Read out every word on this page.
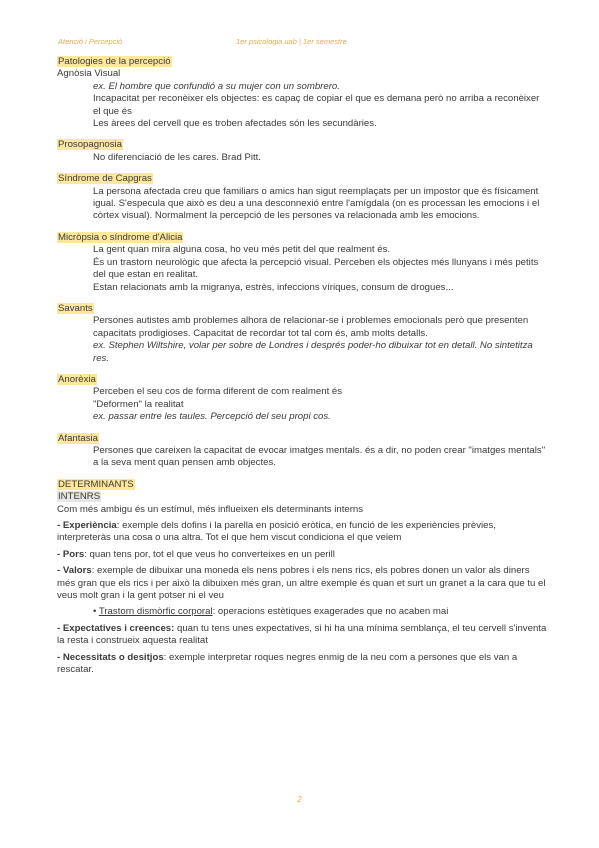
Atenció i Percepció	1er psicologia uab | 1er semestre
Patologies de la percepció
Agnòsia Visual
ex. El hombre que confundió a su mujer con un sombrero.
Incapacitat per reconèixer els objectes: es capaç de copiar el que es demana però no arriba a reconèixer el que és
Les àrees del cervell que es troben afectades són les secundàries.
Prosopagnosia
No diferenciació de les cares. Brad Pitt.
Síndrome de Capgras
La persona afectada creu que familiars o amics han sigut reemplaçats per un impostor que és físicament igual. S'especula que això es deu a una desconnexió entre l'amígdala (on es processan les emocions i el còrtex visual). Normalment la percepció de les persones va relacionada amb les emocions.
Micròpsia o síndrome d'Alicia
La gent quan mira alguna cosa, ho veu més petit del que realment és.
És un trastorn neurològic que afecta la percepció visual. Perceben els objectes més llunyans i més petits del que estan en realitat.
Estan relacionats amb la migranya, estrès, infeccions víriques, consum de drogues...
Savants
Persones autistes amb problemes alhora de relacionar-se i problemes emocionals però que presenten capacitats prodigioses. Capacitat de recordar tot tal com és, amb molts detalls.
ex. Stephen Wiltshire, volar per sobre de Londres i després poder-ho dibuixar tot en detall. No sintetitza res.
Anorèxia
Perceben el seu cos de forma diferent de com realment és
"Deformen" la realitat
ex. passar entre les taules. Percepció del seu propi cos.
Afantasia
Persones que careixen la capacitat de evocar imatges mentals. és a dir, no poden crear "imatges mentals" a la seva ment quan pensen amb objectes.
DETERMINANTS
INTENRS
Com més ambigu és un estímul, més influeixen els determinants interns
- Experiència: exemple dels dofins i la parella en posició eròtica, en funció de les experiències prèvies, interpreteràs una cosa o una altra. Tot el que hem viscut condiciona el que veiem
- Pors: quan tens por, tot el que veus ho converteixes en un perill
- Valors: exemple de dibuixar una moneda els nens pobres i els nens rics, els pobres donen un valor als diners més gran que els rics i per això la dibuixen més gran, un altre exemple és quan et surt un granet a la cara que tu el veus molt gran i la gent potser ni el veu
• Trastorn dismòrfic corporal: operacions estètiques exagerades que no acaben mai
- Expectatives i creences: quan tu tens unes expectatives, si hi ha una mínima semblança, el teu cervell s'inventa la resta i construeix aquesta realitat
- Necessitats o desitjos: exemple interpretar roques negres enmig de la neu com a persones que els van a rescatar.
2
